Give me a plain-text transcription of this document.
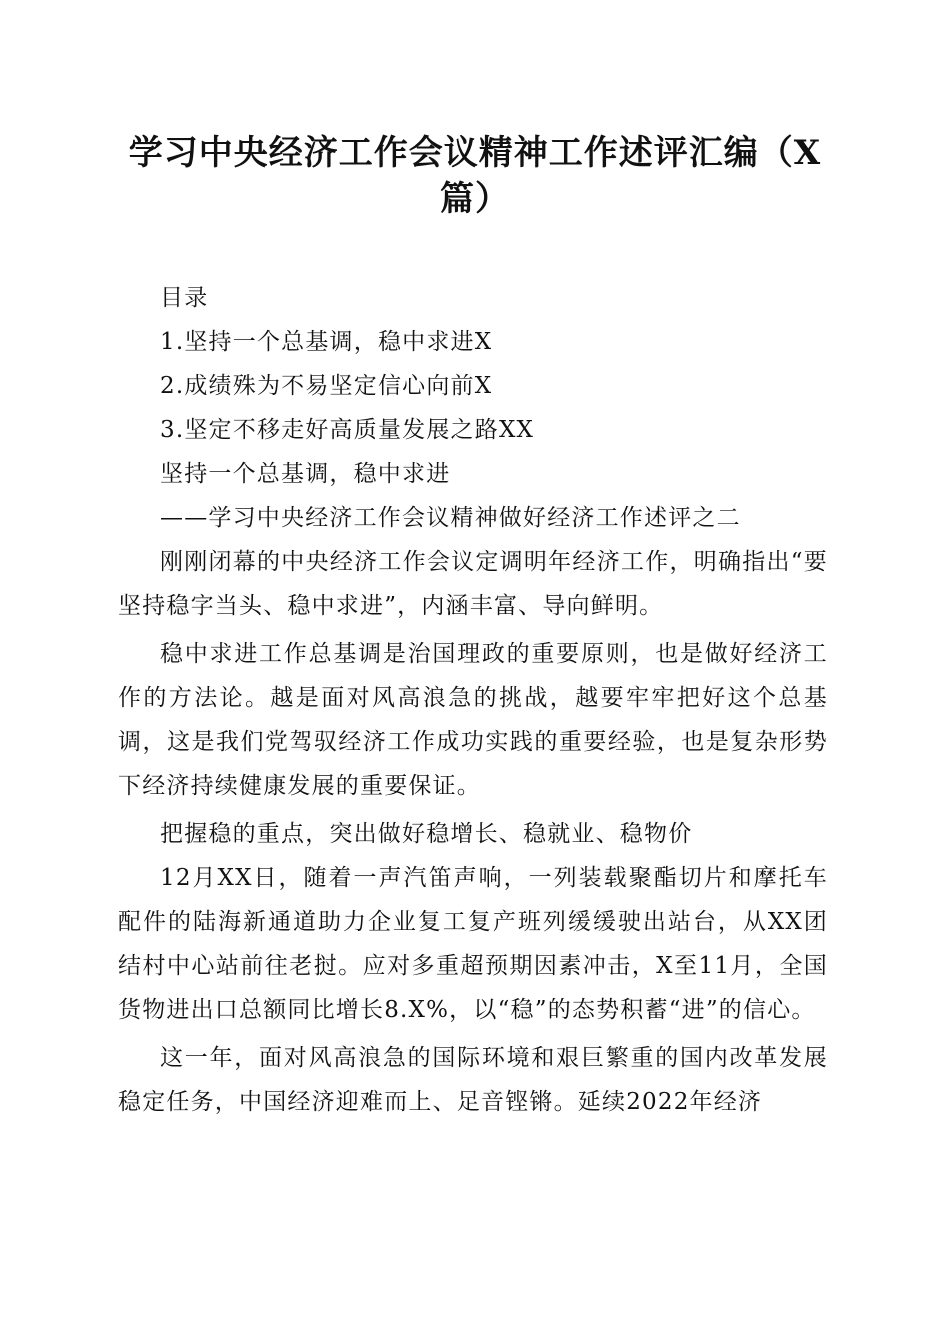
学习中央经济工作会议精神工作述评汇编（X篇）

目录

1.坚持一个总基调，稳中求进X

2.成绩殊为不易坚定信心向前X

3.坚定不移走好高质量发展之路XX

坚持一个总基调，稳中求进

——学习中央经济工作会议精神做好经济工作述评之二

刚刚闭幕的中央经济工作会议定调明年经济工作，明确指出“要坚持稳字当头、稳中求进”，内涵丰富、导向鲜明。

稳中求进工作总基调是治国理政的重要原则，也是做好经济工作的方法论。越是面对风高浪急的挑战，越要牢牢把好这个总基调，这是我们党驾驭经济工作成功实践的重要经验，也是复杂形势下经济持续健康发展的重要保证。

把握稳的重点，突出做好稳增长、稳就业、稳物价

12月XX日，随着一声汽笛声响，一列装载聚酯切片和摩托车配件的陆海新通道助力企业复工复产班列缓缓驶出站台，从XX团结村中心站前往老挝。应对多重超预期因素冲击，X至11月，全国货物进出口总额同比增长8.X%，以“稳”的态势积蓄“进”的信心。

这一年，面对风高浪急的国际环境和艰巨繁重的国内改革发展稳定任务，中国经济迎难而上、足音铿锵。延续2022年经济
